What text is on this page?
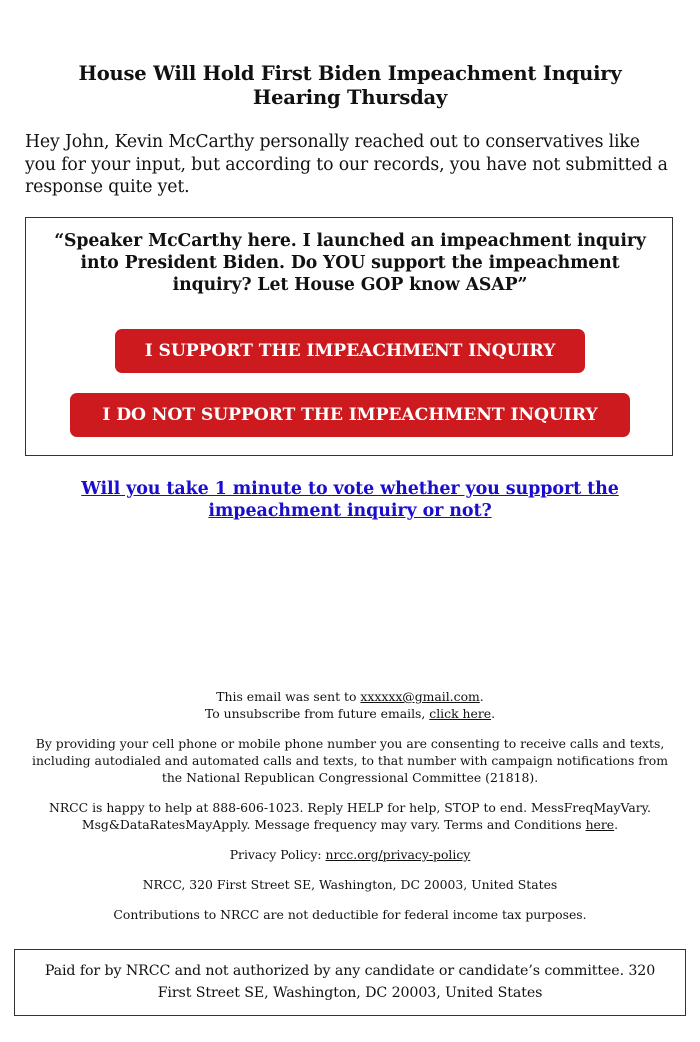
House Will Hold First Biden Impeachment Inquiry Hearing Thursday

Hey John, Kevin McCarthy personally reached out to conservatives like you for your input, but according to our records, you have not submitted a response quite yet.

“Speaker McCarthy here. I launched an impeachment inquiry into President Biden. Do YOU support the impeachment inquiry? Let House GOP know ASAP”

I SUPPORT THE IMPEACHMENT INQUIRY
I DO NOT SUPPORT THE IMPEACHMENT INQUIRY
Will you take 1 minute to vote whether you support the impeachment inquiry or not?

This email was sent to xxxxxx@gmail.com.
To unsubscribe from future emails, click here.

By providing your cell phone or mobile phone number you are consenting to receive calls and texts, including autodialed and automated calls and texts, to that number with campaign notifications from the National Republican Congressional Committee (21818).

NRCC is happy to help at 888-606-1023. Reply HELP for help, STOP to end. MessFreqMayVary. Msg&DataRatesMayApply. Message frequency may vary. Terms and Conditions here.

Privacy Policy: nrcc.org/privacy-policy

NRCC, 320 First Street SE, Washington, DC 20003, United States

Contributions to NRCC are not deductible for federal income tax purposes.

Paid for by NRCC and not authorized by any candidate or candidate’s committee. 320 First Street SE, Washington, DC 20003, United States
